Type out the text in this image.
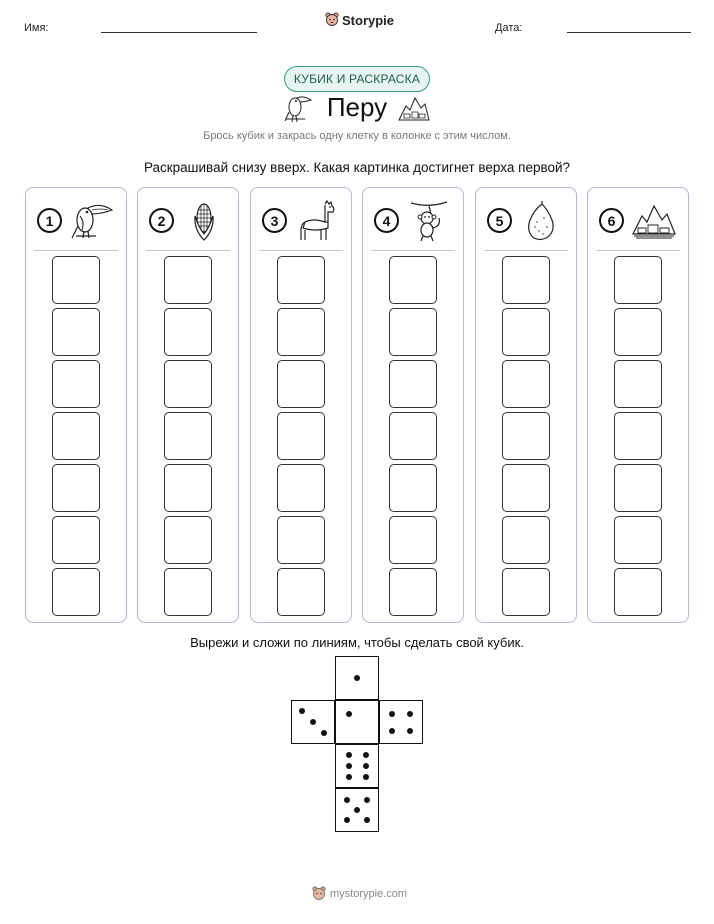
Имя:
Storypie
Дата:
КУБИК И РАСКРАСКА
Перу
Брось кубик и закрась одну клетку в колонке с этим числом.
Раскрашивай снизу вверх. Какая картинка достигнет верха первой?
1	2	3	4	5	6
Вырежи и сложи по линиям, чтобы сделать свой кубик.
mystorypie.com
